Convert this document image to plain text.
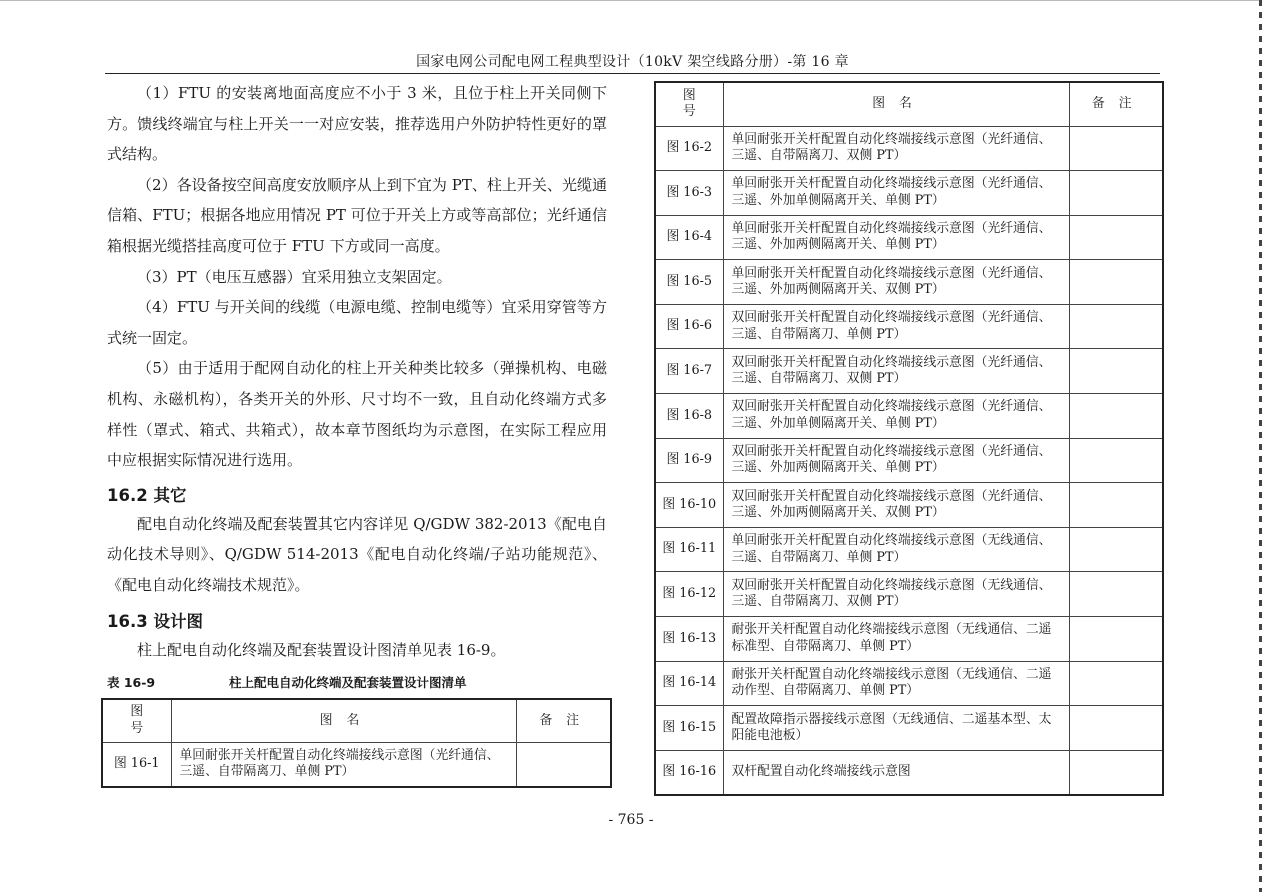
国家电网公司配电网工程典型设计（10kV 架空线路分册）-第 16 章

（1）FTU 的安装离地面高度应不小于 3 米，且位于柱上开关同侧下方。馈线终端宜与柱上开关一一对应安装，推荐选用户外防护特性更好的罩式结构。

（2）各设备按空间高度安放顺序从上到下宜为 PT、柱上开关、光缆通信箱、FTU；根据各地应用情况 PT 可位于开关上方或等高部位；光纤通信箱根据光缆搭挂高度可位于 FTU 下方或同一高度。

（3）PT（电压互感器）宜采用独立支架固定。

（4）FTU 与开关间的线缆（电源电缆、控制电缆等）宜采用穿管等方式统一固定。

（5）由于适用于配网自动化的柱上开关种类比较多（弹操机构、电磁机构、永磁机构），各类开关的外形、尺寸均不一致，且自动化终端方式多样性（罩式、箱式、共箱式），故本章节图纸均为示意图，在实际工程应用中应根据实际情况进行选用。

16.2 其它

配电自动化终端及配套装置其它内容详见 Q/GDW 382-2013《配电自动化技术导则》、Q/GDW 514-2013《配电自动化终端/子站功能规范》、《配电自动化终端技术规范》。

16.3 设计图

柱上配电自动化终端及配套装置设计图清单见表 16-9。

表 16-9	柱上配电自动化终端及配套装置设计图清单
图号	图名	备注
图 16-1	单回耐张开关杆配置自动化终端接线示意图（光纤通信、三遥、自带隔离刀、单侧 PT）	
图号	图名	备注
图 16-2	单回耐张开关杆配置自动化终端接线示意图（光纤通信、三遥、自带隔离刀、双侧 PT）	
图 16-3	单回耐张开关杆配置自动化终端接线示意图（光纤通信、三遥、外加单侧隔离开关、单侧 PT）	
图 16-4	单回耐张开关杆配置自动化终端接线示意图（光纤通信、三遥、外加两侧隔离开关、单侧 PT）	
图 16-5	单回耐张开关杆配置自动化终端接线示意图（光纤通信、三遥、外加两侧隔离开关、双侧 PT）	
图 16-6	双回耐张开关杆配置自动化终端接线示意图（光纤通信、三遥、自带隔离刀、单侧 PT）	
图 16-7	双回耐张开关杆配置自动化终端接线示意图（光纤通信、三遥、自带隔离刀、双侧 PT）	
图 16-8	双回耐张开关杆配置自动化终端接线示意图（光纤通信、三遥、外加单侧隔离开关、单侧 PT）	
图 16-9	双回耐张开关杆配置自动化终端接线示意图（光纤通信、三遥、外加两侧隔离开关、单侧 PT）	
图 16-10	双回耐张开关杆配置自动化终端接线示意图（光纤通信、三遥、外加两侧隔离开关、双侧 PT）	
图 16-11	单回耐张开关杆配置自动化终端接线示意图（无线通信、三遥、自带隔离刀、单侧 PT）	
图 16-12	双回耐张开关杆配置自动化终端接线示意图（无线通信、三遥、自带隔离刀、双侧 PT）	
图 16-13	耐张开关杆配置自动化终端接线示意图（无线通信、二遥标准型、自带隔离刀、单侧 PT）	
图 16-14	耐张开关杆配置自动化终端接线示意图（无线通信、二遥动作型、自带隔离刀、单侧 PT）	
图 16-15	配置故障指示器接线示意图（无线通信、二遥基本型、太阳能电池板）	
图 16-16	双杆配置自动化终端接线示意图	
- 765 -
